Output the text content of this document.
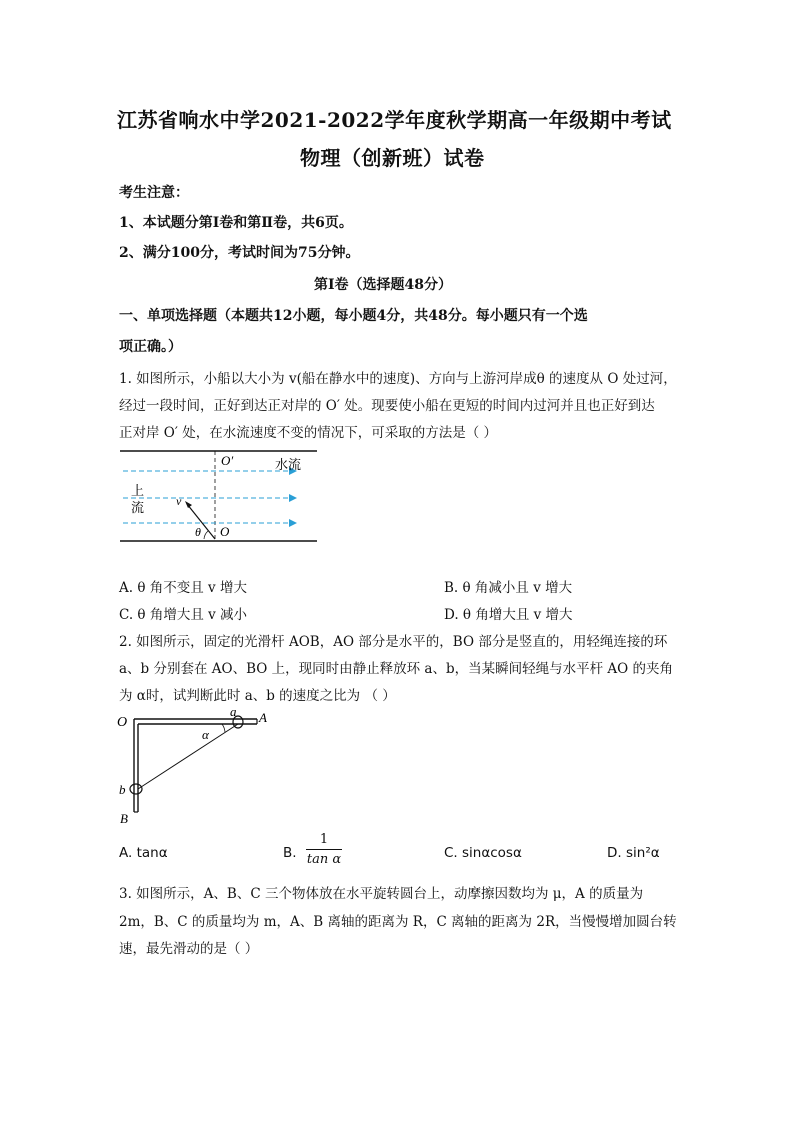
江苏省响水中学2021-2022学年度秋学期高一年级期中考试
物理（创新班）试卷
考生注意：
1、本试题分第Ⅰ卷和第Ⅱ卷，共6页。
2、满分100分，考试时间为75分钟。
第Ⅰ卷（选择题48分）
一、单项选择题（本题共12小题，每小题4分，共48分。每小题只有一个选
项正确。）
1. 如图所示，小船以大小为 v(船在静水中的速度)、方向与上游河岸成θ 的速度从 O 处过河，
经过一段时间，正好到达正对岸的 O′ 处。现要使小船在更短的时间内过河并且也正好到达
正对岸 O′ 处，在水流速度不变的情况下，可采取的方法是（ ）
O′	水流
上
流	v
θ O
A. θ 角不变且 v 增大	B. θ 角减小且 v 增大
C. θ 角增大且 v 减小	D. θ 角增大且 v 增大
2. 如图所示，固定的光滑杆 AOB，AO 部分是水平的，BO 部分是竖直的，用轻绳连接的环
a、b 分别套在 AO、BO 上，现同时由静止释放环 a、b，当某瞬间轻绳与水平杆 AO 的夹角
为 α时，试判断此时 a、b 的速度之比为 （ ）
O
a A
α
b
B
A. tanα	B.
1
tan α	C. sinαcosα	D. sin²α
3. 如图所示，A、B、C 三个物体放在水平旋转圆台上，动摩擦因数均为 μ，A 的质量为
2m，B、C 的质量均为 m，A、B 离轴的距离为 R，C 离轴的距离为 2R，当慢慢增加圆台转
速，最先滑动的是（ ）
